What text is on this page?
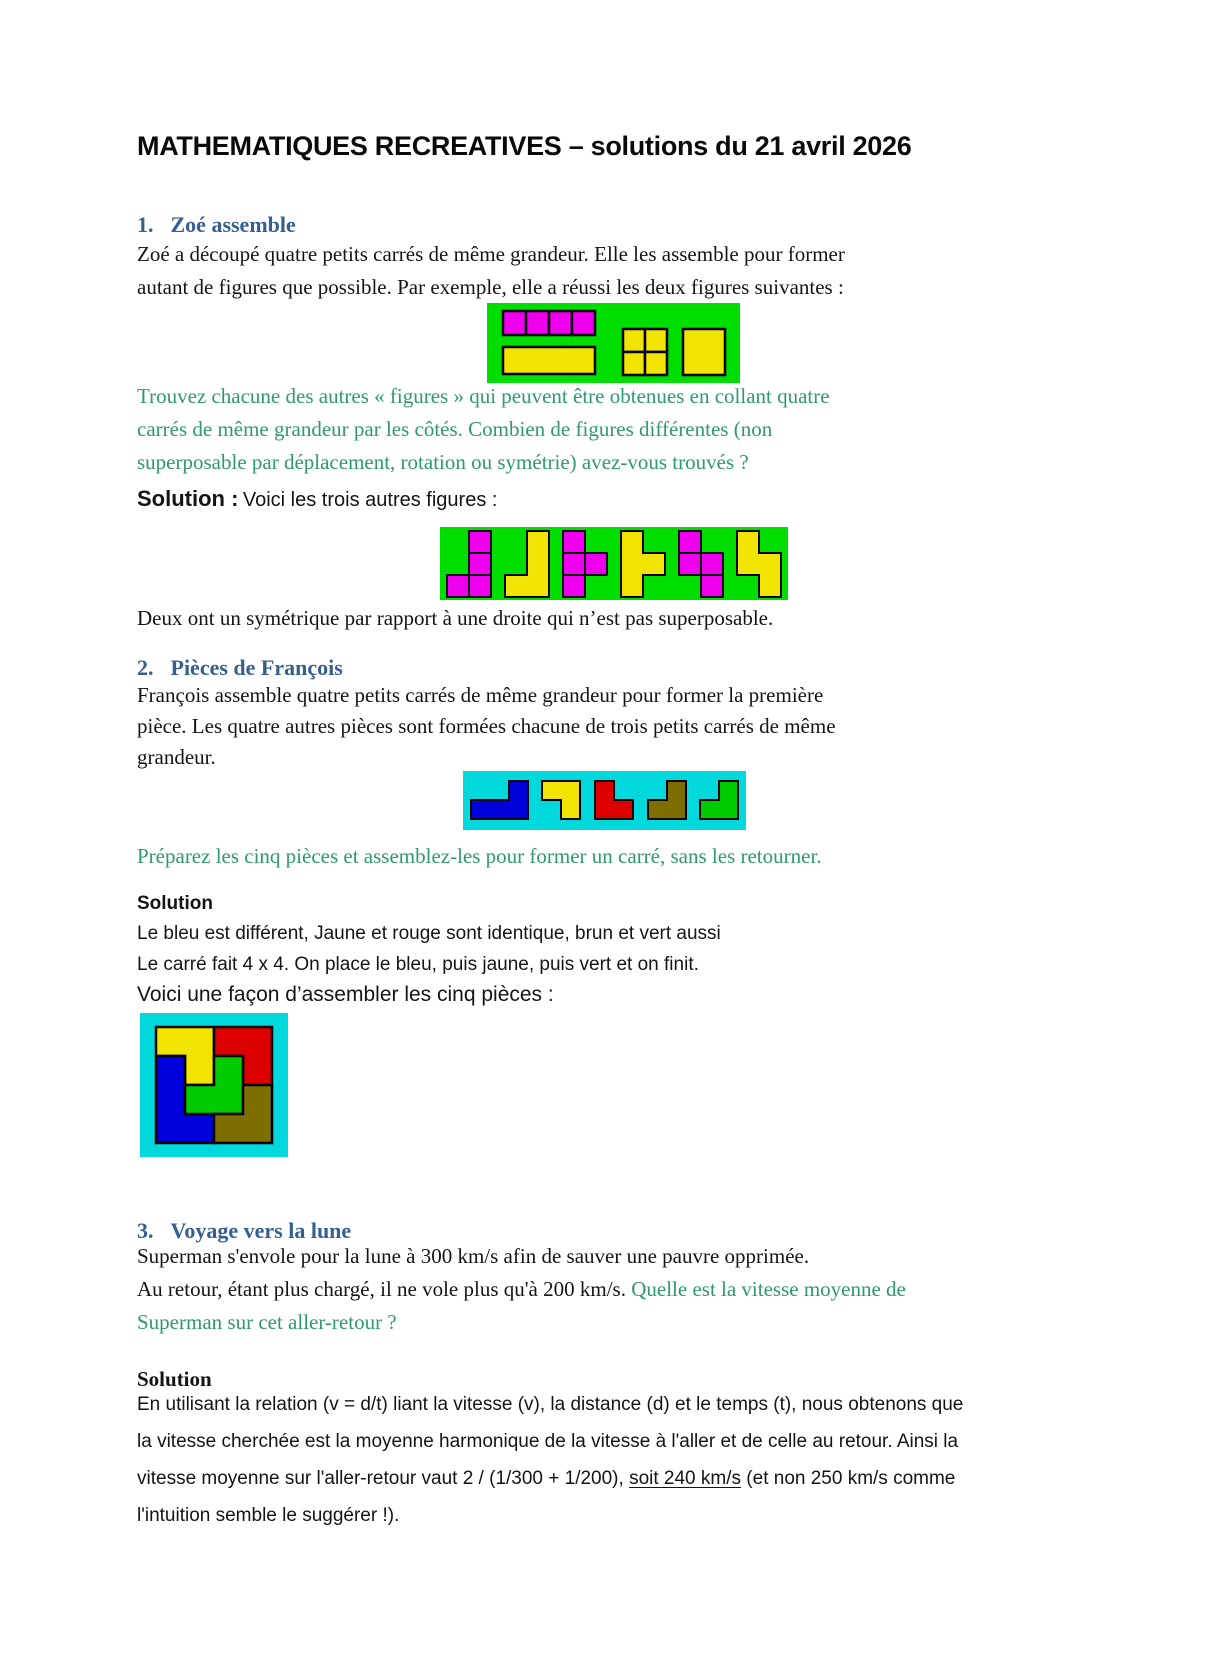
MATHEMATIQUES RECREATIVES – solutions du 21 avril 2026
1. Zoé assemble
Zoé a découpé quatre petits carrés de même grandeur. Elle les assemble pour former
autant de figures que possible. Par exemple, elle a réussi les deux figures suivantes :
Trouvez chacune des autres « figures » qui peuvent être obtenues en collant quatre
carrés de même grandeur par les côtés. Combien de figures différentes (non
superposable par déplacement, rotation ou symétrie) avez-vous trouvés ?
Solution : Voici les trois autres figures :
Deux ont un symétrique par rapport à une droite qui n’est pas superposable.
2. Pièces de François
François assemble quatre petits carrés de même grandeur pour former la première
pièce. Les quatre autres pièces sont formées chacune de trois petits carrés de même
grandeur.
Préparez les cinq pièces et assemblez-les pour former un carré, sans les retourner.
Solution
Le bleu est différent, Jaune et rouge sont identique, brun et vert aussi
Le carré fait 4 x 4. On place le bleu, puis jaune, puis vert et on finit.
Voici une façon d’assembler les cinq pièces :
3. Voyage vers la lune
Superman s'envole pour la lune à 300 km/s afin de sauver une pauvre opprimée.
Au retour, étant plus chargé, il ne vole plus qu'à 200 km/s. Quelle est la vitesse moyenne de
Superman sur cet aller-retour ?
Solution
En utilisant la relation (v = d/t) liant la vitesse (v), la distance (d) et le temps (t), nous obtenons que
la vitesse cherchée est la moyenne harmonique de la vitesse à l'aller et de celle au retour. Ainsi la
vitesse moyenne sur l'aller-retour vaut 2 / (1/300 + 1/200), soit 240 km/s (et non 250 km/s comme
l'intuition semble le suggérer !).
